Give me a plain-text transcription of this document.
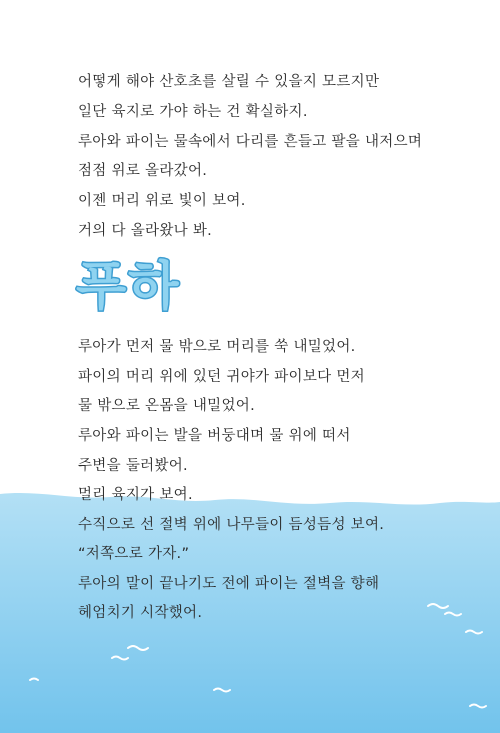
어떻게 해야 산호초를 살릴 수 있을지 모르지만
일단 육지로 가야 하는 건 확실하지.
루아와 파이는 물속에서 다리를 흔들고 팔을 내저으며
점점 위로 올라갔어.
이젠 머리 위로 빛이 보여.
거의 다 올라왔나 봐.
푸하
루아가 먼저 물 밖으로 머리를 쑥 내밀었어.
파이의 머리 위에 있던 귀야가 파이보다 먼저
물 밖으로 온몸을 내밀었어.
루아와 파이는 발을 버둥대며 물 위에 떠서
주변을 둘러봤어.
멀리 육지가 보여.
수직으로 선 절벽 위에 나무들이 듬성듬성 보여.
“저쪽으로 가자.”
루아의 말이 끝나기도 전에 파이는 절벽을 향해
헤엄치기 시작했어.
